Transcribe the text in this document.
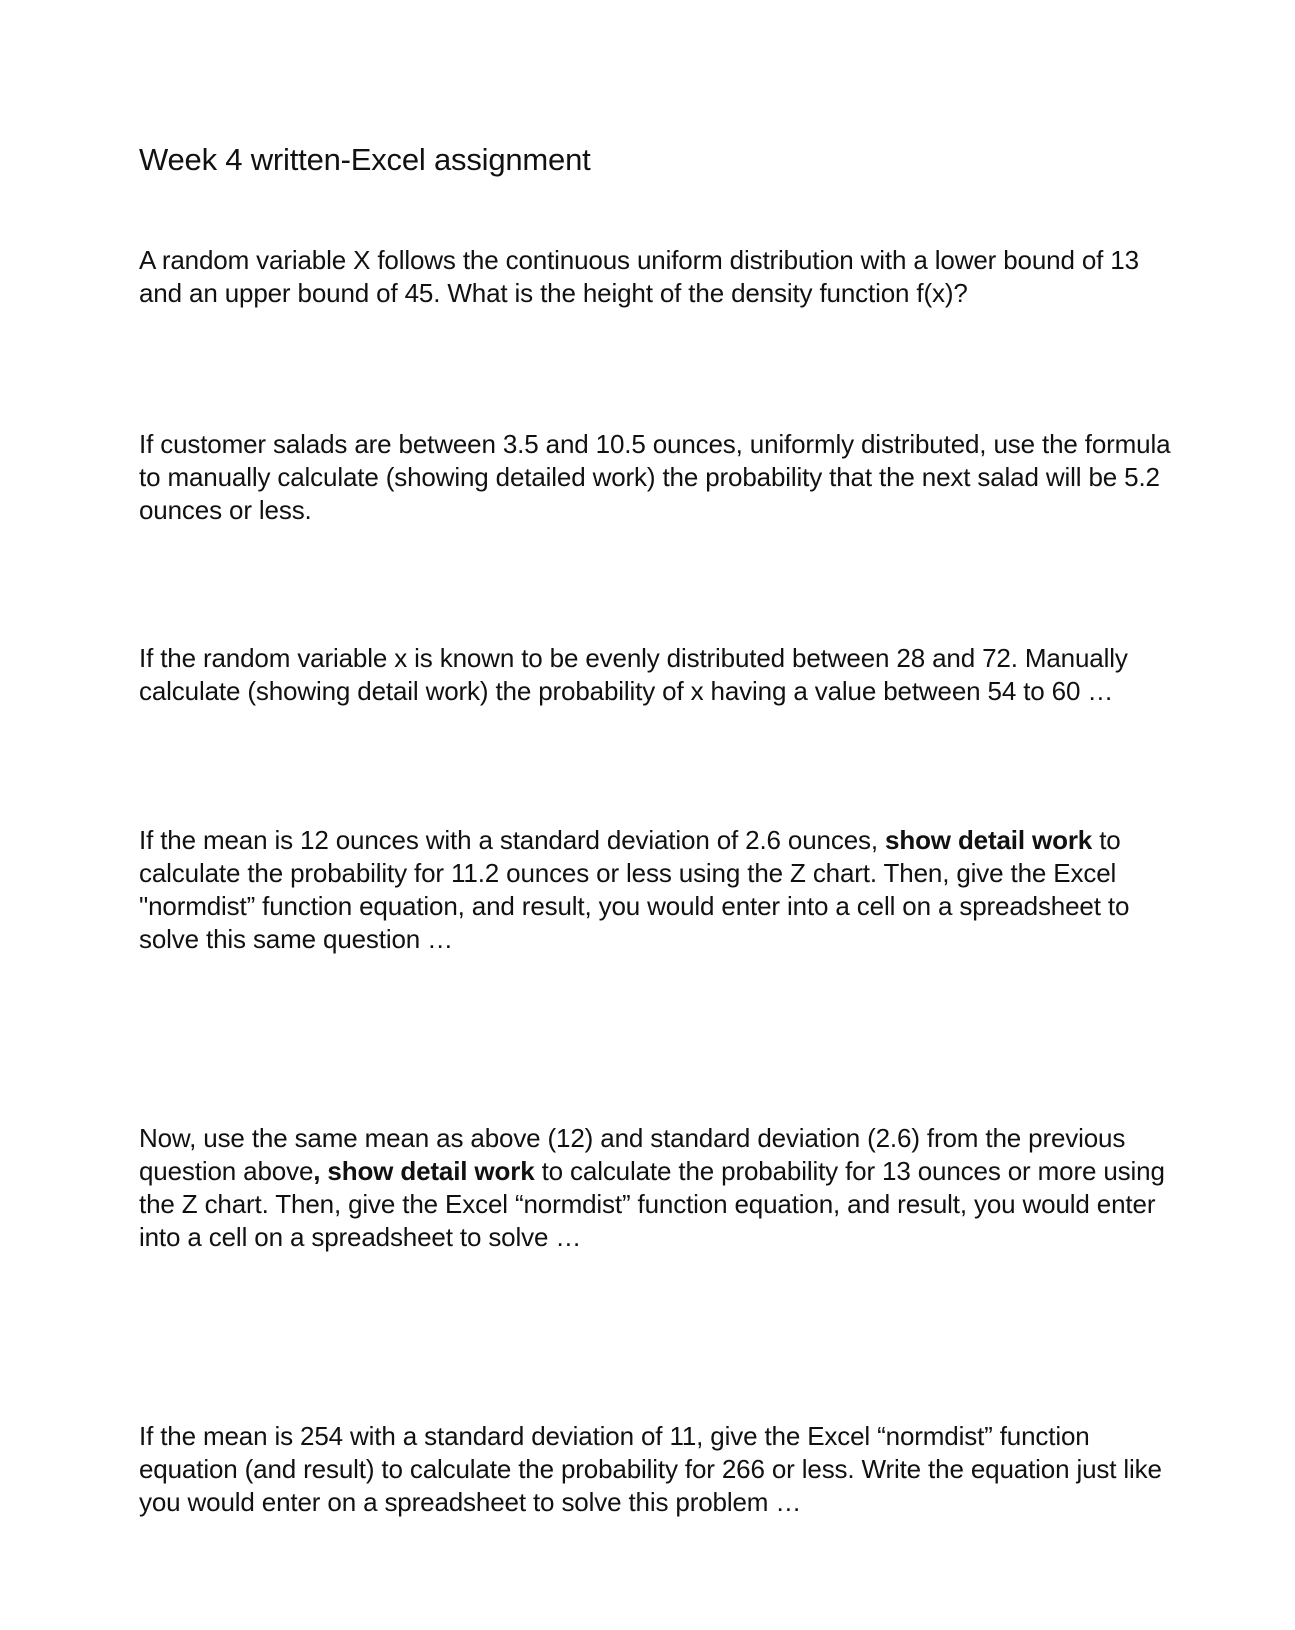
Week 4 written-Excel assignment

A random variable X follows the continuous uniform distribution with a lower bound of 13 and an upper bound of 45. What is the height of the density function f(x)?

If customer salads are between 3.5 and 10.5 ounces, uniformly distributed, use the formula to manually calculate (showing detailed work) the probability that the next salad will be 5.2 ounces or less.

If the random variable x is known to be evenly distributed between 28 and 72. Manually calculate (showing detail work) the probability of x having a value between 54 to 60 …

If the mean is 12 ounces with a standard deviation of 2.6 ounces, show detail work to calculate the probability for 11.2 ounces or less using the Z chart. Then, give the Excel "normdist” function equation, and result, you would enter into a cell on a spreadsheet to solve this same question …

Now, use the same mean as above (12) and standard deviation (2.6) from the previous question above, show detail work to calculate the probability for 13 ounces or more using the Z chart. Then, give the Excel “normdist” function equation, and result, you would enter into a cell on a spreadsheet to solve …

If the mean is 254 with a standard deviation of 11, give the Excel “normdist” function equation (and result) to calculate the probability for 266 or less. Write the equation just like you would enter on a spreadsheet to solve this problem …
